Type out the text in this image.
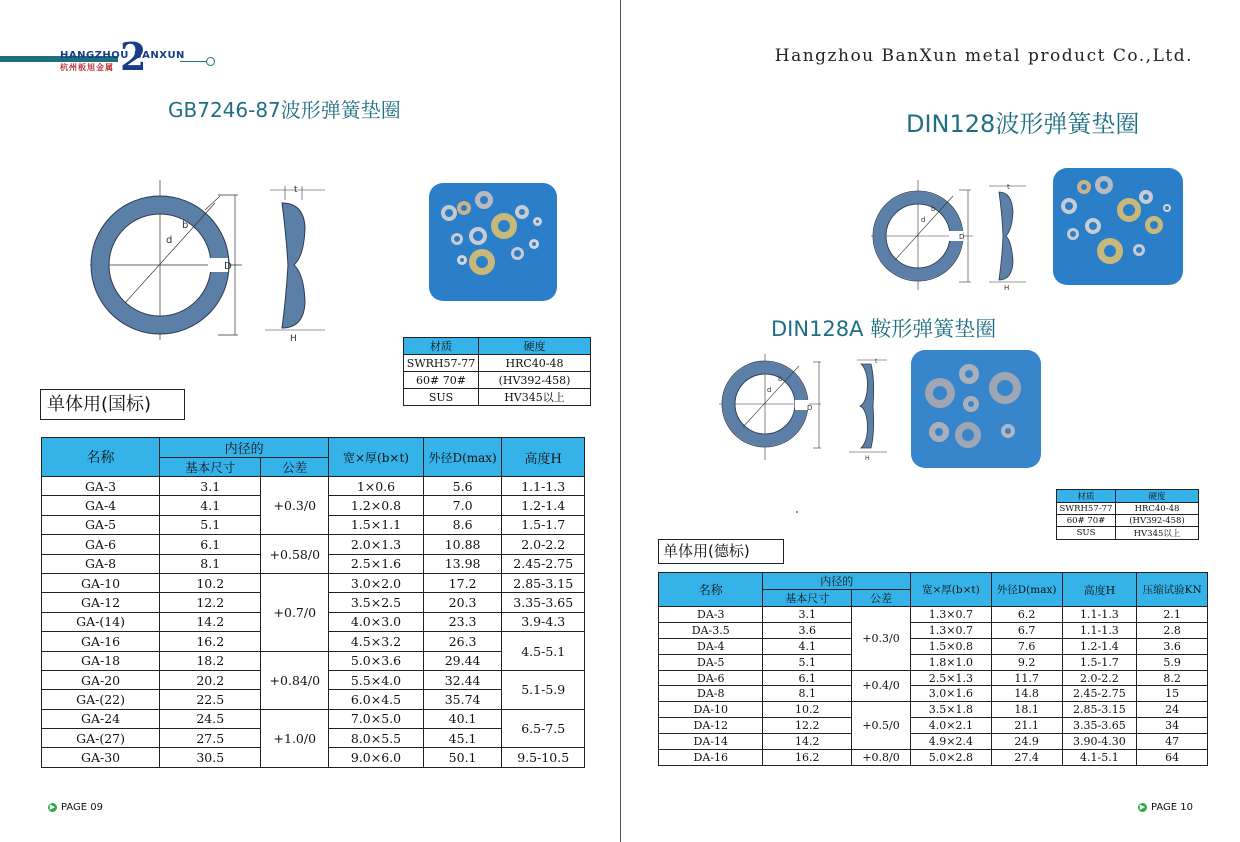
HANGZHOU
2
BANXUN
杭州板旭金属
GB7246-87波形弹簧垫圈
b
d
D
t
H
材质	硬度
SWRH57-77	HRC40-48
60# 70#	(HV392-458)
SUS	HV345以上
单体用(国标)
名称	内径的		宽×厚(b×t)	外径D(max)	高度H
	基本尺寸	公差			
GA-3	3.1	+0.3/0	1×0.6	5.6	1.1-1.3
GA-4	4.1		1.2×0.8	7.0	1.2-1.4
GA-5	5.1		1.5×1.1	8.6	1.5-1.7
GA-6	6.1	+0.58/0	2.0×1.3	10.88	2.0-2.2
GA-8	8.1		2.5×1.6	13.98	2.45-2.75
GA-10	10.2	+0.7/0	3.0×2.0	17.2	2.85-3.15
GA-12	12.2		3.5×2.5	20.3	3.35-3.65
GA-(14)	14.2		4.0×3.0	23.3	3.9-4.3
GA-16	16.2		4.5×3.2	26.3	4.5-5.1
GA-18	18.2	+0.84/0	5.0×3.6	29.44	
GA-20	20.2		5.5×4.0	32.44	5.1-5.9
GA-(22)	22.5		6.0×4.5	35.74	
GA-24	24.5	+1.0/0	7.0×5.0	40.1	6.5-7.5
GA-(27)	27.5		8.0×5.5	45.1	
GA-30	30.5		9.0×6.0	50.1	9.5-10.5
▶ PAGE 09
Hangzhou BanXun metal product Co.,Ltd.
DIN128波形弹簧垫圈
b
d
D
t
H
DIN128A 鞍形弹簧垫圈
b
d
D
t
H
材质	硬度
SWRH57-77	HRC40-48
60# 70#	(HV392-458)
SUS	HV345以上
单体用(德标)
名称	内径的		宽×厚(b×t)	外径D(max)	高度H	压缩试验KN
	基本尺寸	公差				
DA-3	3.1	+0.3/0	1.3×0.7	6.2	1.1-1.3	2.1
DA-3.5	3.6		1.3×0.7	6.7	1.1-1.3	2.8
DA-4	4.1		1.5×0.8	7.6	1.2-1.4	3.6
DA-5	5.1		1.8×1.0	9.2	1.5-1.7	5.9
DA-6	6.1	+0.4/0	2.5×1.3	11.7	2.0-2.2	8.2
DA-8	8.1		3.0×1.6	14.8	2.45-2.75	15
DA-10	10.2	+0.5/0	3.5×1.8	18.1	2.85-3.15	24
DA-12	12.2		4.0×2.1	21.1	3.35-3.65	34
DA-14	14.2		4.9×2.4	24.9	3.90-4.30	47
DA-16	16.2	+0.8/0	5.0×2.8	27.4	4.1-5.1	64
▶ PAGE 10
